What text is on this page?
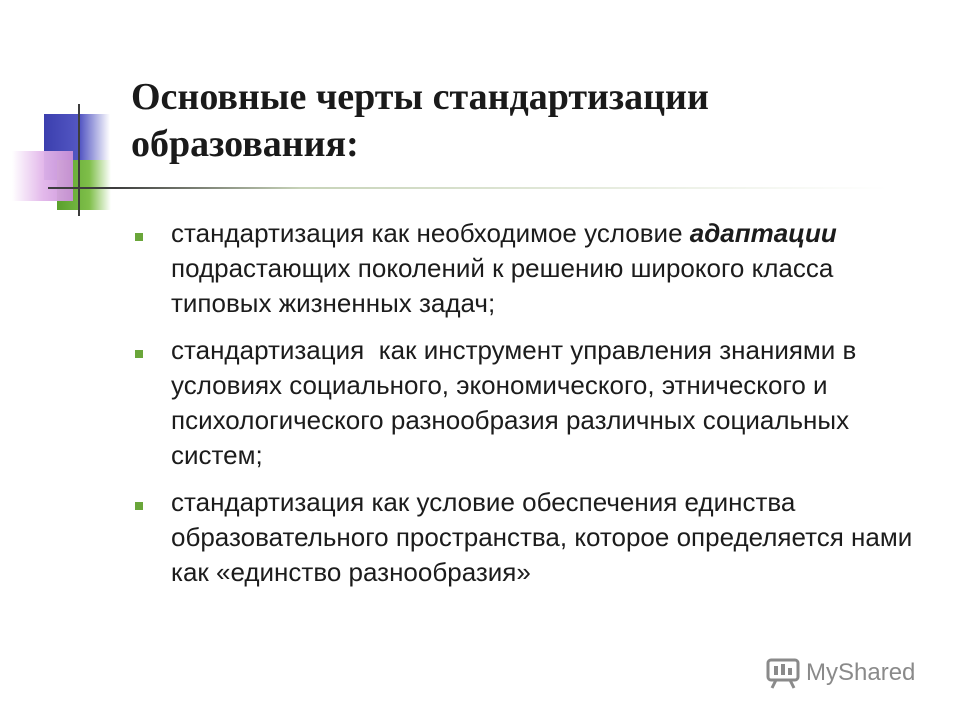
Основные черты стандартизации
образования:
стандартизация как необходимое условие адаптации подрастающих поколений к решению широкого класса типовых жизненных задач;
стандартизация  как инструмент управления знаниями в условиях социального, экономического, этнического и психологического разнообразия различных социальных систем;
стандартизация как условие обеспечения единства образовательного пространства, которое определяется нами как «единство разнообразия»
MyShared
